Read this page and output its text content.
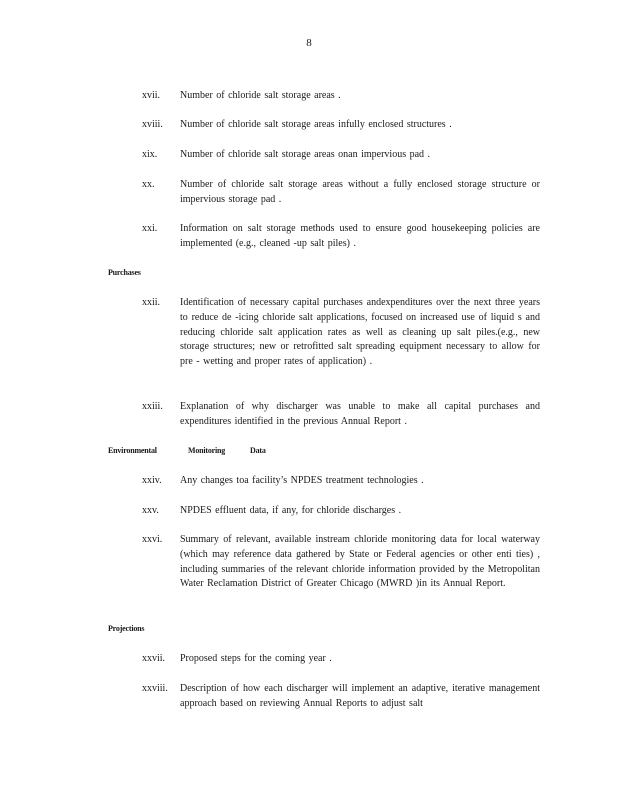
8
xvii.	Number of chloride salt storage areas .
xviii.	Number of chloride salt storage areas infully enclosed structures .
xix.	Number of chloride salt storage areas onan impervious pad .
xx.	Number of chloride salt storage areas without a fully enclosed storage structure or impervious storage pad .
xxi.	Information on salt storage methods used to ensure good housekeeping policies are implemented (e.g., cleaned -up salt piles) .
Purchases
xxii.	Identification of necessary capital purchases andexpenditures over the next three years to reduce de -icing chloride salt applications, focused on increased use of liquid s and reducing chloride salt application rates as well as cleaning up salt piles.(e.g., new storage structures; new or retrofitted salt spreading equipment necessary to allow for pre - wetting and proper rates of application) .
xxiii.	Explanation of why discharger was unable to make all capital purchases and expenditures identified in the previous Annual Report .
Environmental	Monitoring	Data
xxiv.	Any changes toa facility’s NPDES treatment technologies .
xxv.	NPDES effluent data, if any, for chloride discharges .
xxvi.	Summary of relevant, available instream chloride monitoring data for local waterway (which may reference data gathered by State or Federal agencies or other enti ties) , including summaries of the relevant chloride information provided by the Metropolitan Water Reclamation District of Greater Chicago (MWRD )in its Annual Report.
Projections
xxvii.	Proposed steps for the coming year .
xxviii.	Description of how each discharger will implement an adaptive, iterative management approach based on reviewing Annual Reports to adjust salt
